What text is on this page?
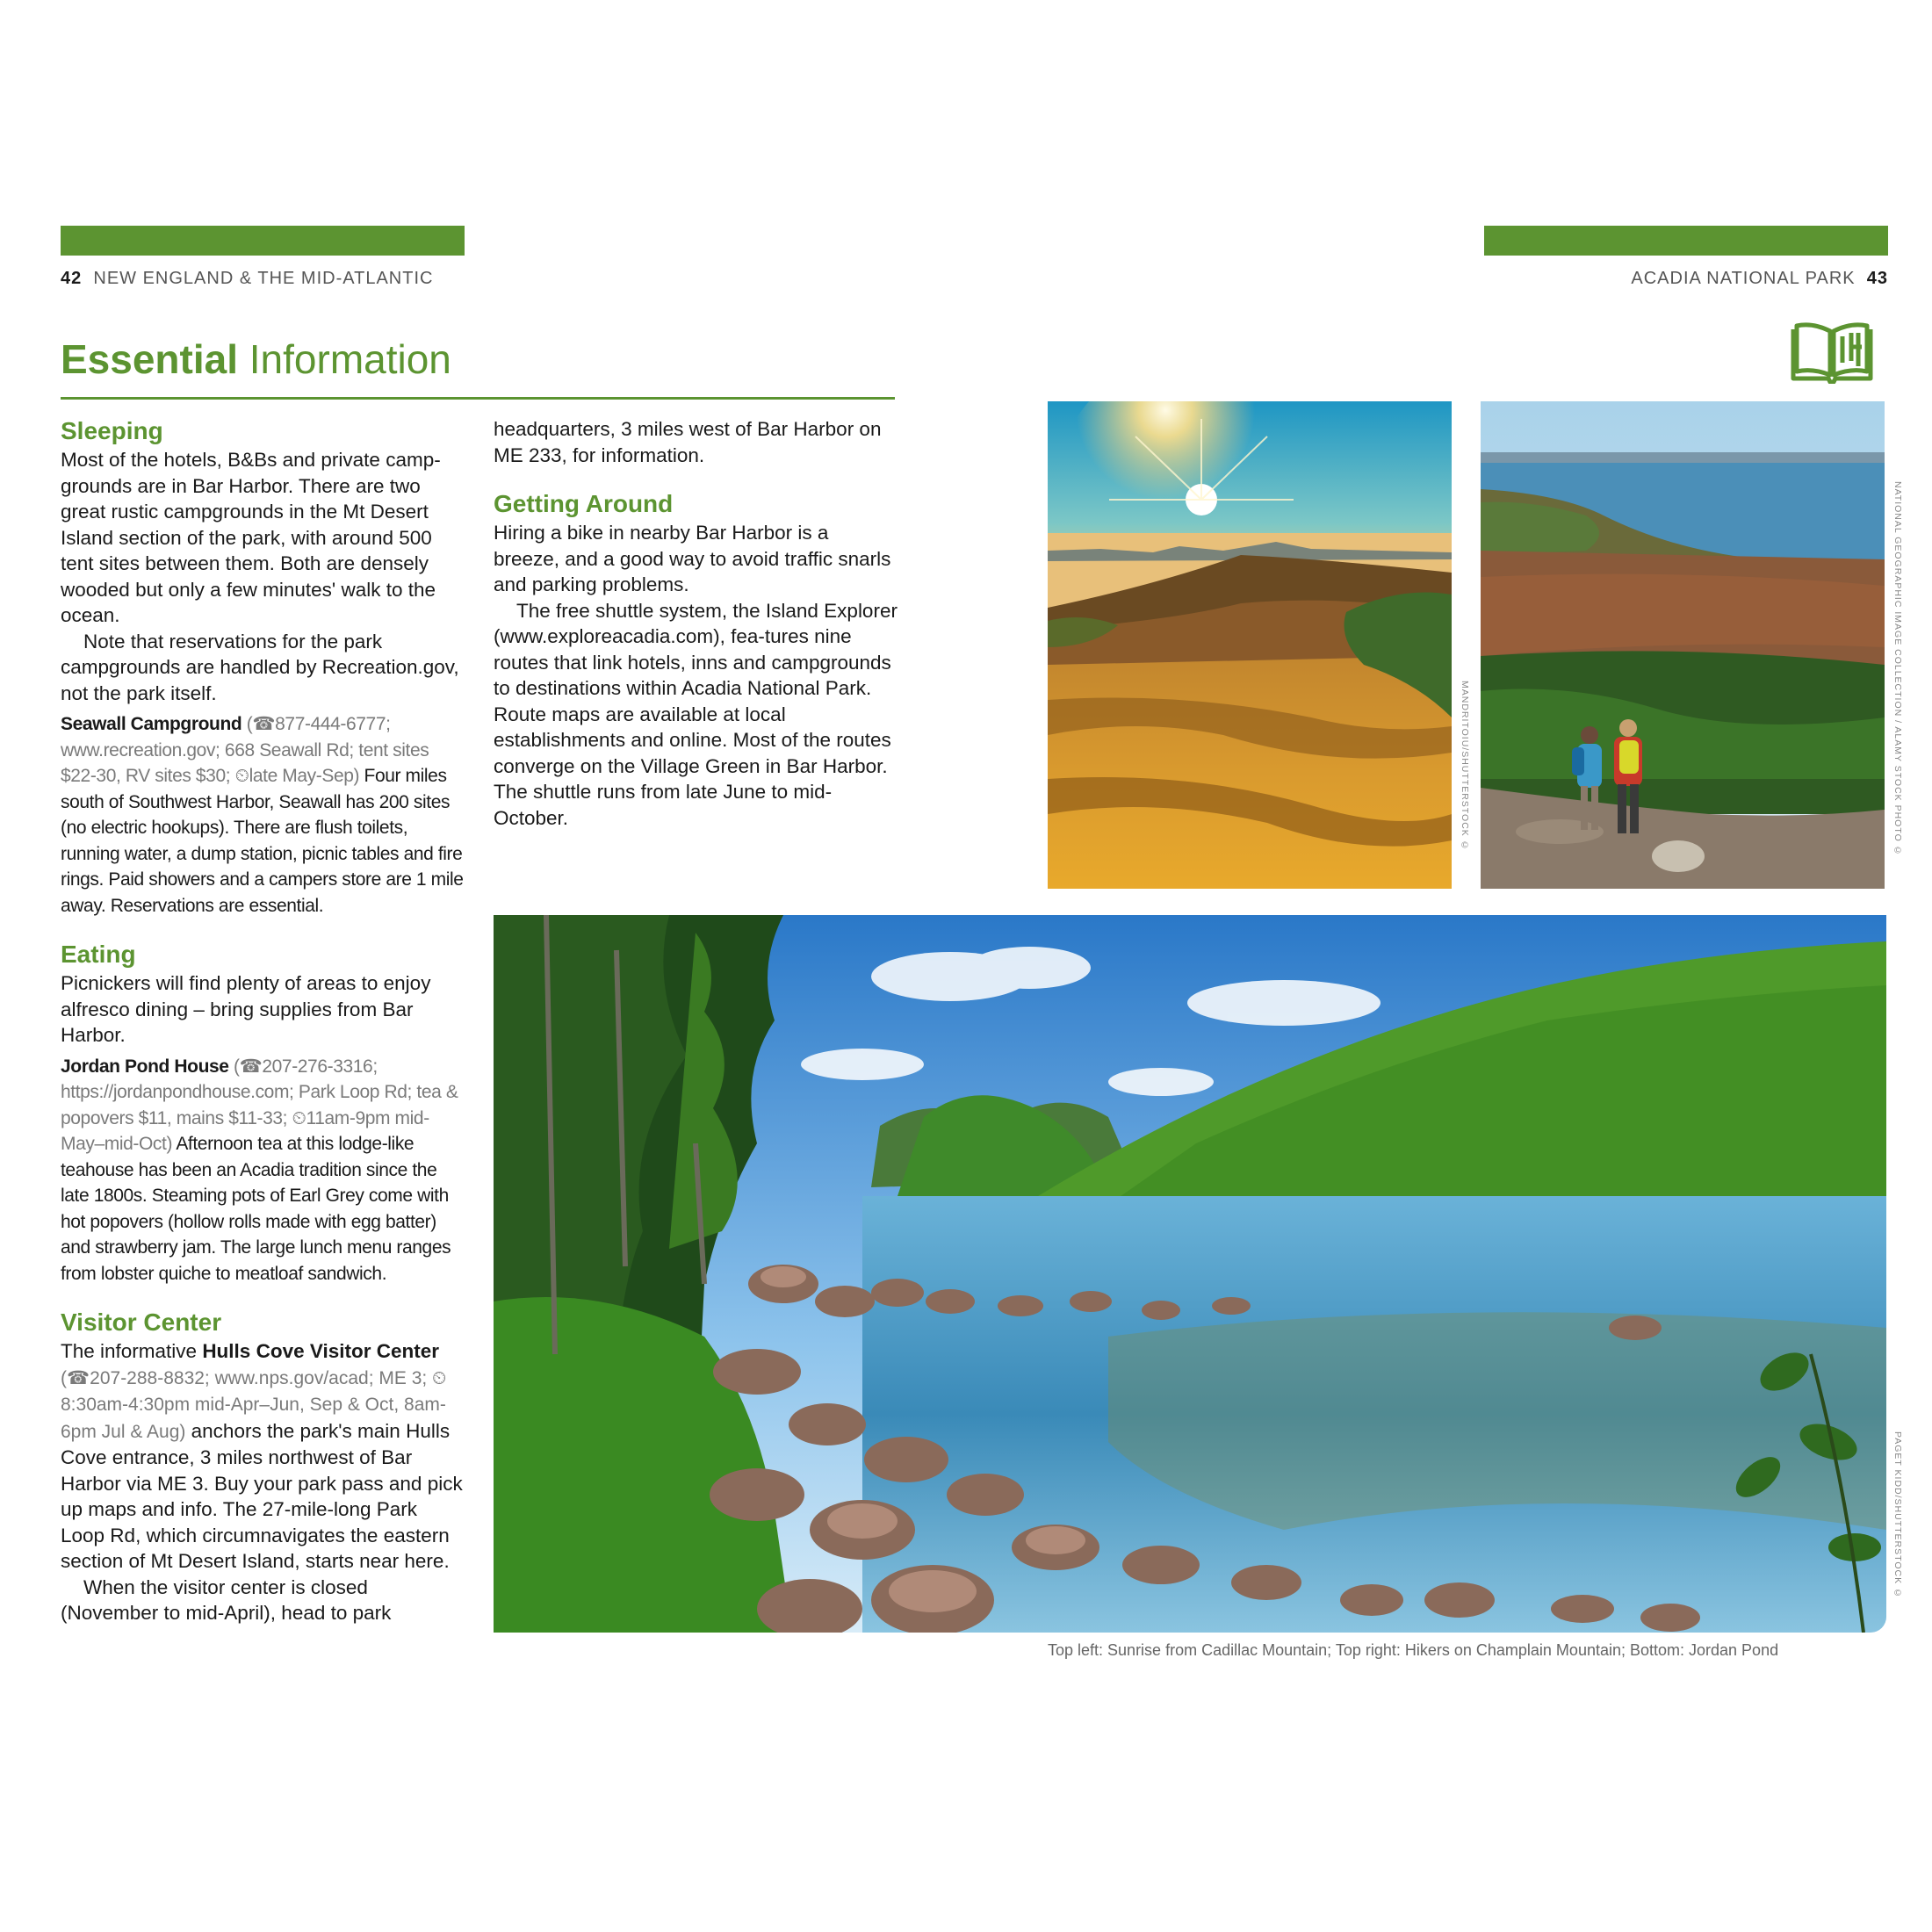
42 NEW ENGLAND & THE MID-ATLANTIC	ACADIA NATIONAL PARK 43
Essential Information
Sleeping

Most of the hotels, B&Bs and private camp-grounds are in Bar Harbor. There are two great rustic campgrounds in the Mt Desert Island section of the park, with around 500 tent sites between them. Both are densely wooded but only a few minutes' walk to the ocean.

Note that reservations for the park campgrounds are handled by Recreation.gov, not the park itself.

Seawall Campground (☎877-444-6777; www.recreation.gov; 668 Seawall Rd; tent sites $22-30, RV sites $30; ⏲late May-Sep) Four miles south of Southwest Harbor, Seawall has 200 sites (no electric hookups). There are flush toilets, running water, a dump station, picnic tables and fire rings. Paid showers and a campers store are 1 mile away. Reservations are essential.

Eating

Picnickers will find plenty of areas to enjoy alfresco dining – bring supplies from Bar Harbor.

Jordan Pond House (☎207-276-3316; https://jordanpondhouse.com; Park Loop Rd; tea & popovers $11, mains $11-33; ⏲11am-9pm mid-May–mid-Oct) Afternoon tea at this lodge-like teahouse has been an Acadia tradition since the late 1800s. Steaming pots of Earl Grey come with hot popovers (hollow rolls made with egg batter) and strawberry jam. The large lunch menu ranges from lobster quiche to meatloaf sandwich.

Visitor Center

The informative Hulls Cove Visitor Center (☎207-288-8832; www.nps.gov/acad; ME 3; ⏲8:30am-4:30pm mid-Apr–Jun, Sep & Oct, 8am-6pm Jul & Aug) anchors the park's main Hulls Cove entrance, 3 miles northwest of Bar Harbor via ME 3. Buy your park pass and pick up maps and info. The 27-mile-long Park Loop Rd, which circumnavigates the eastern section of Mt Desert Island, starts near here.

When the visitor center is closed (November to mid-April), head to park

headquarters, 3 miles west of Bar Harbor on ME 233, for information.

Getting Around

Hiring a bike in nearby Bar Harbor is a breeze, and a good way to avoid traffic snarls and parking problems.

The free shuttle system, the Island Explorer (www.exploreacadia.com), fea-tures nine routes that link hotels, inns and campgrounds to destinations within Acadia National Park. Route maps are available at local establishments and online. Most of the routes converge on the Village Green in Bar Harbor. The shuttle runs from late June to mid-October.	MANDRITOIU/SHUTTERSTOCK ©	NATIONAL GEOGRAPHIC IMAGE COLLECTION / ALAMY STOCK PHOTO ©
PAGET KIDD/SHUTTERSTOCK ©
Top left: Sunrise from Cadillac Mountain; Top right: Hikers on Champlain Mountain; Bottom: Jordan Pond
